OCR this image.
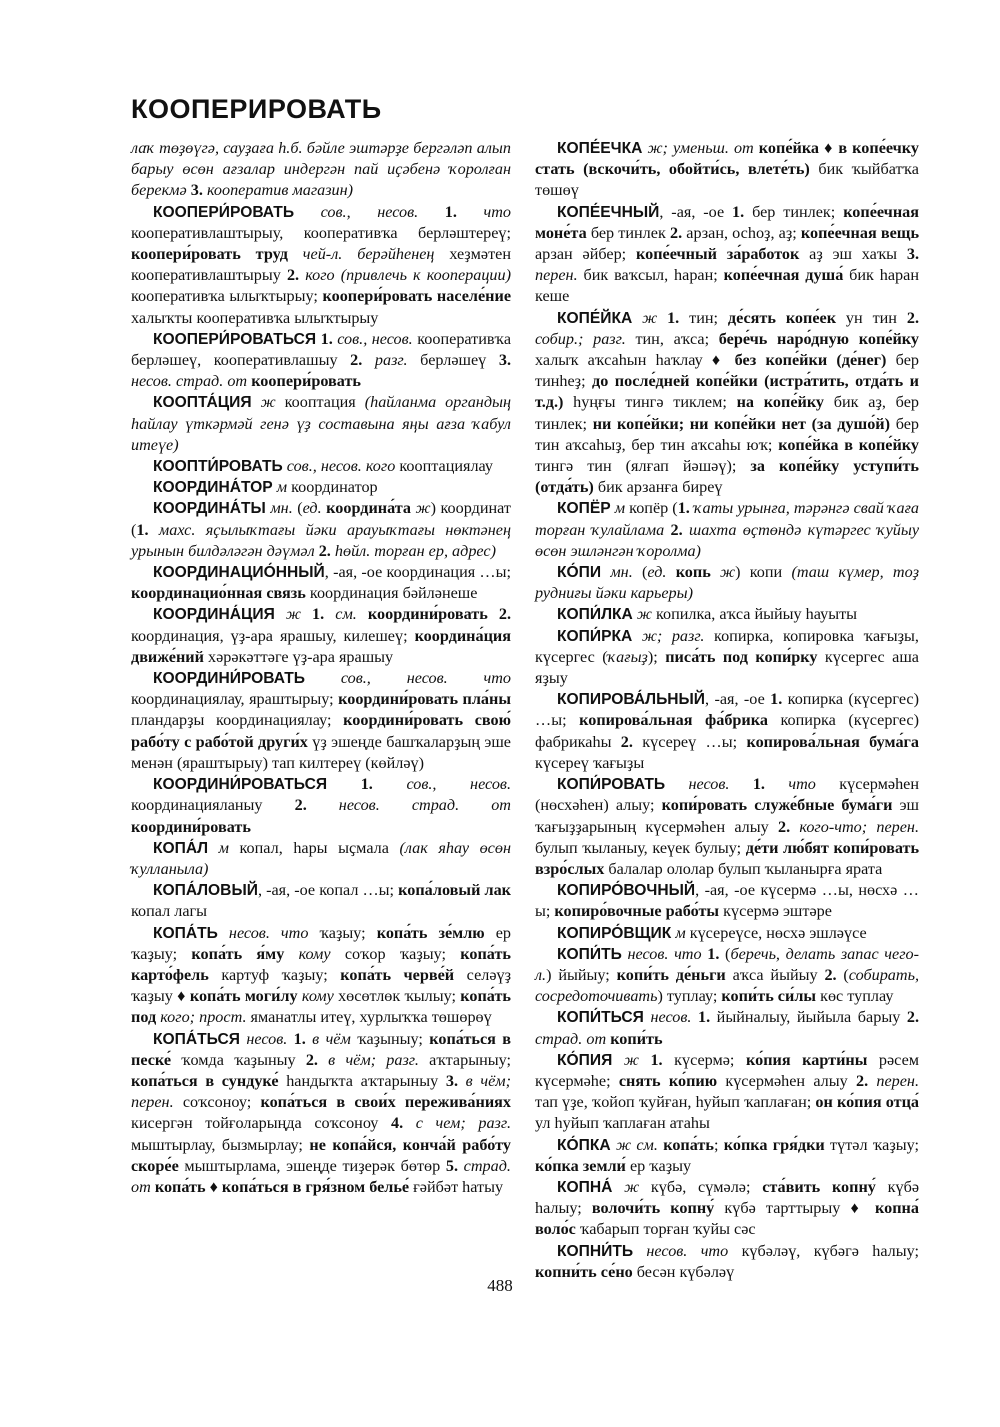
КООПЕРИРОВАТЬ

лаҡ төҙөүгә, сауҙаға һ.б. бәйле эштәрҙе бергәләп алып барыу өсөн ағзалар индергән пай иҫәбенә ҡоролған берекмә 3. кооператив магазин)

КООПЕРИ́РОВАТЬ сов., несов. 1. что кооперативлаштырыу, кооперативҡа берләштереү; коопери́ровать труд чей-л. берәйһенең хеҙмәтен кооперативлаштырыу 2. кого (привлечь к кооперации) кооперативҡа ылыҡтырыу; коопери́ровать населе́ние халыҡты кооперативҡа ылыҡтырыу

КООПЕРИ́РОВАТЬСЯ 1. сов., несов. кооперативҡа берләшеү, кооперативлашыу 2. разг. берләшеү 3. несов. страд. от коопери́ровать

КООПТА́ЦИЯ ж кооптация (һайланма органдың һайлау үткәрмәй генә үҙ составына яңы ағза ҡабул итеүе)

КООПТИ́РОВАТЬ сов., несов. кого кооптациялау

КООРДИНА́ТОР м координатор

КООРДИНА́ТЫ мн. (ед. координа́та ж) координат (1. махс. яҫылыҡтағы йәки арауыҡтағы нөктәнең урынын билдәләгән дәүмәл 2. һөйл. торған ер, адрес)

КООРДИНАЦИО́ННЫЙ, -ая, -ое координация …ы; координацио́нная связь координация бәйләнеше

КООРДИНА́ЦИЯ ж 1. см. координи́ровать 2. координация, үҙ-ара ярашыу, килешеү; координа́ция движе́ний хәрәкәттәге үҙ-ара ярашыу

КООРДИНИ́РОВАТЬ сов., несов. что координациялау, яраштырыу; координи́ровать пла́ны пландарҙы координациялау; координи́ровать свою́ рабо́ту с рабо́той други́х үҙ эшеңде башҡаларҙың эше менән (яраштырыу) тап килтереү (көйләү)

КООРДИНИ́РОВАТЬСЯ 1. сов., несов. координацияланыу 2. несов. страд. от координи́ровать

КОПА́Л м копал, һары ыҫмала (лак яһау өсөн ҡулланыла)

КОПА́ЛОВЫЙ, -ая, -ое копал …ы; копа́ловый лак копал лагы

КОПА́ТЬ несов. что ҡаҙыу; копа́ть зе́млю ер ҡаҙыу; копа́ть я́му кому соҡор ҡаҙыу; копа́ть карто́фель картуф ҡаҙыу; копа́ть черве́й селәүҙ ҡаҙыу ♦ копа́ть моги́лу кому хөсөтлөк ҡылыу; копа́ть под кого; прост. яманатлы итеү, хурлыҡҡа төшөрөү

КОПА́ТЬСЯ несов. 1. в чём ҡаҙыныу; копа́ться в песке́ ҡомда ҡаҙыныу 2. в чём; разг. аҡтарыныу; копа́ться в сундуке́ һандыҡта аҡтарыныу 3. в чём; перен. соҡсоноу; копа́ться в свои́х пережива́ниях кисергән тойғоларыңда соҡсоноу 4. с чем; разг. мыштырлау, бызмырлау; не копа́йся, конча́й рабо́ту скоре́е мыштырлама, эшеңде тиҙерәк бөтөр 5. страд. от копа́ть ♦ копа́ться в гря́зном белье́ ғәйбәт һатыу

КОПЕ́ЕЧКА ж; уменьш. от копе́йка ♦ в копе́ечку стать (вскочи́ть, обойти́сь, влете́ть) бик ҡыйбатҡа төшөү

КОПЕ́ЕЧНЫЙ, -ая, -ое 1. бер тинлек; копе́ечная моне́та бер тинлек 2. арзан, осһоҙ, аҙ; копе́ечная вещь арзан әйбер; копе́ечный за́работок аҙ эш хаҡы 3. перен. бик ваҡсыл, һаран; копе́ечная душа́ бик һаран кеше

КОПЕ́ЙКА ж 1. тин; де́сять копе́ек ун тин 2. собир.; разг. тин, аҡса; бере́чь наро́дную копе́йку халыҡ аҡсаһын һаҡлау ♦ без копе́йки (де́нег) бер тинһеҙ; до после́дней копе́йки (истра́тить, отда́ть и т.д.) һуңғы тингә тиклем; на копе́йку бик аҙ, бер тинлек; ни копе́йки; ни копе́йки нет (за душо́й) бер тин аҡсаһыҙ, бер тин аҡсаһы юҡ; копе́йка в копе́йку тингә тин (ялғап йәшәү); за копе́йку уступи́ть (отда́ть) бик арзанға биреү

КОПЁР м копёр (1. ҡаты урынға, тәрәнгә свай ҡаға торған ҡулайлама 2. шахта өҫтөндә күтәргес ҡуйыу өсөн эшләнгән ҡоролма)

КО́ПИ мн. (ед. копь ж) копи (таш күмер, тоҙ рудниғы йәки карьеры)

КОПИ́ЛКА ж копилка, аҡса йыйыу һауыты

КОПИ́РКА ж; разг. копирка, копировка ҡағыҙы, күсергес (ҡағыҙ); писа́ть под копи́рку күсергес аша яҙыу

КОПИРОВА́ЛЬНЫЙ, -ая, -ое 1. копирка (күсергес) …ы; копирова́льная фа́брика копирка (күсергес) фабрикаһы 2. күсереү …ы; копирова́льная бума́га күсереү ҡағыҙы

КОПИ́РОВАТЬ несов. 1. что күсермәһен (нөсхәһен) алыу; копи́ровать служе́бные бума́ги эш ҡағыҙҙарының күсермәһен алыу 2. кого-что; перен. булып ҡыланыу, кеүек булыу; де́ти лю́бят копи́ровать взро́слых балалар ололар булып ҡыланырға ярата

КОПИРО́ВОЧНЫЙ, -ая, -ое күсермә …ы, нөсхә …ы; копиро́вочные рабо́ты күсермә эштәре

КОПИРО́ВЩИК м күсереүсе, нөсхә эшләүсе

КОПИ́ТЬ несов. что 1. (беречь, делать запас чего-л.) йыйыу; копи́ть де́ньги аҡса йыйыу 2. (собирать, сосредоточивать) туплау; копи́ть си́лы көс туплау

КОПИ́ТЬСЯ несов. 1. йыйналыу, йыйыла барыу 2. страд. от копи́ть

КО́ПИЯ ж 1. күсермә; ко́пия карти́ны рәсем күсермәһе; снять ко́пию күсермәһен алыу 2. перен. тап үҙе, ҡойоп ҡуйған, һуйып ҡаплаған; он ко́пия отца́ ул һуйып ҡаплаған атаһы

КО́ПКА ж см. копа́ть; ко́пка гря́дки түтәл ҡаҙыу; ко́пка земли́ ер ҡаҙыу

КОПНА́ ж күбә, сүмәлә; ста́вить копну́ күбә һалыу; волочи́ть копну́ күбә тарттырыу ♦ копна́ воло́с ҡабарып торған ҡуйы сәс

КОПНИ́ТЬ несов. что күбәләү, күбәгә һалыу; копни́ть се́но бесән күбәләү

488
